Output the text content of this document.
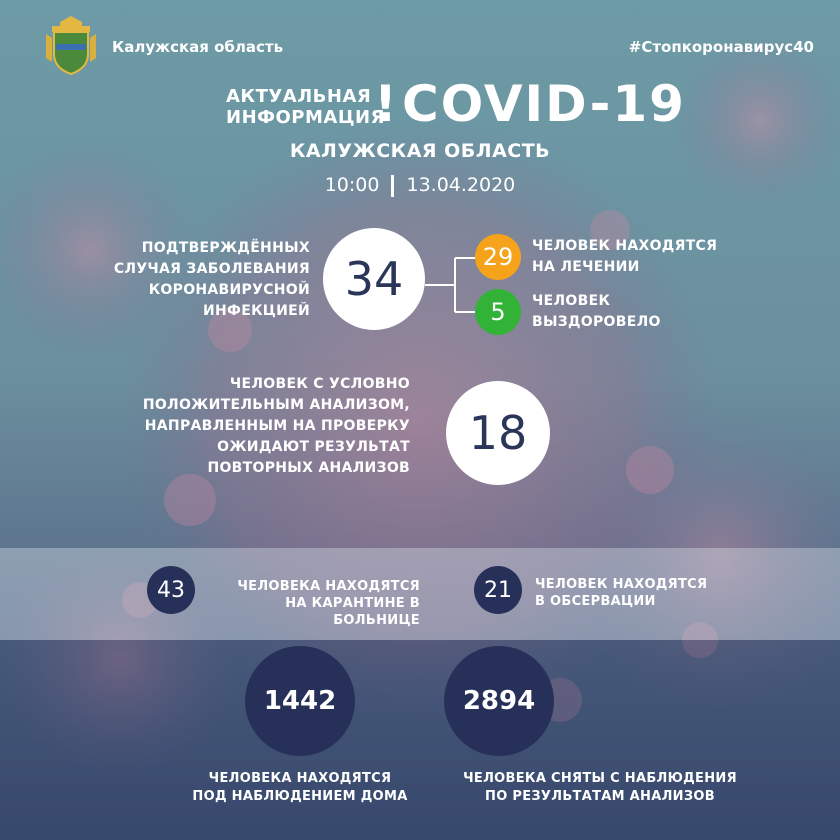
Калужская область	#Стопкоронавирус40
АКТУАЛЬНАЯ
ИНФОРМАЦИЯ
! COVID-19
КАЛУЖСКАЯ ОБЛАСТЬ
10:00 13.04.2020
ПОДТВЕРЖДЁННЫХ
СЛУЧАЯ ЗАБОЛЕВАНИЯ
КОРОНАВИРУСНОЙ ИНФЕКЦИЕЙ
34	29 ЧЕЛОВЕК НАХОДЯТСЯ
НА ЛЕЧЕНИИ
5 ЧЕЛОВЕК
ВЫЗДОРОВЕЛО
ЧЕЛОВЕК С УСЛОВНО
ПОЛОЖИТЕЛЬНЫМ АНАЛИЗОМ,
НАПРАВЛЕННЫМ НА ПРОВЕРКУ
ОЖИДАЮТ РЕЗУЛЬТАТ
ПОВТОРНЫХ АНАЛИЗОВ
18
43	ЧЕЛОВЕКА НАХОДЯТСЯ
НА КАРАНТИНЕ В БОЛЬНИЦЕ
21 ЧЕЛОВЕК НАХОДЯТСЯ
В ОБСЕРВАЦИИ
1442
ЧЕЛОВЕКА НАХОДЯТСЯ
ПОД НАБЛЮДЕНИЕМ ДОМА
2894
ЧЕЛОВЕКА СНЯТЫ С НАБЛЮДЕНИЯ
ПО РЕЗУЛЬТАТАМ АНАЛИЗОВ
